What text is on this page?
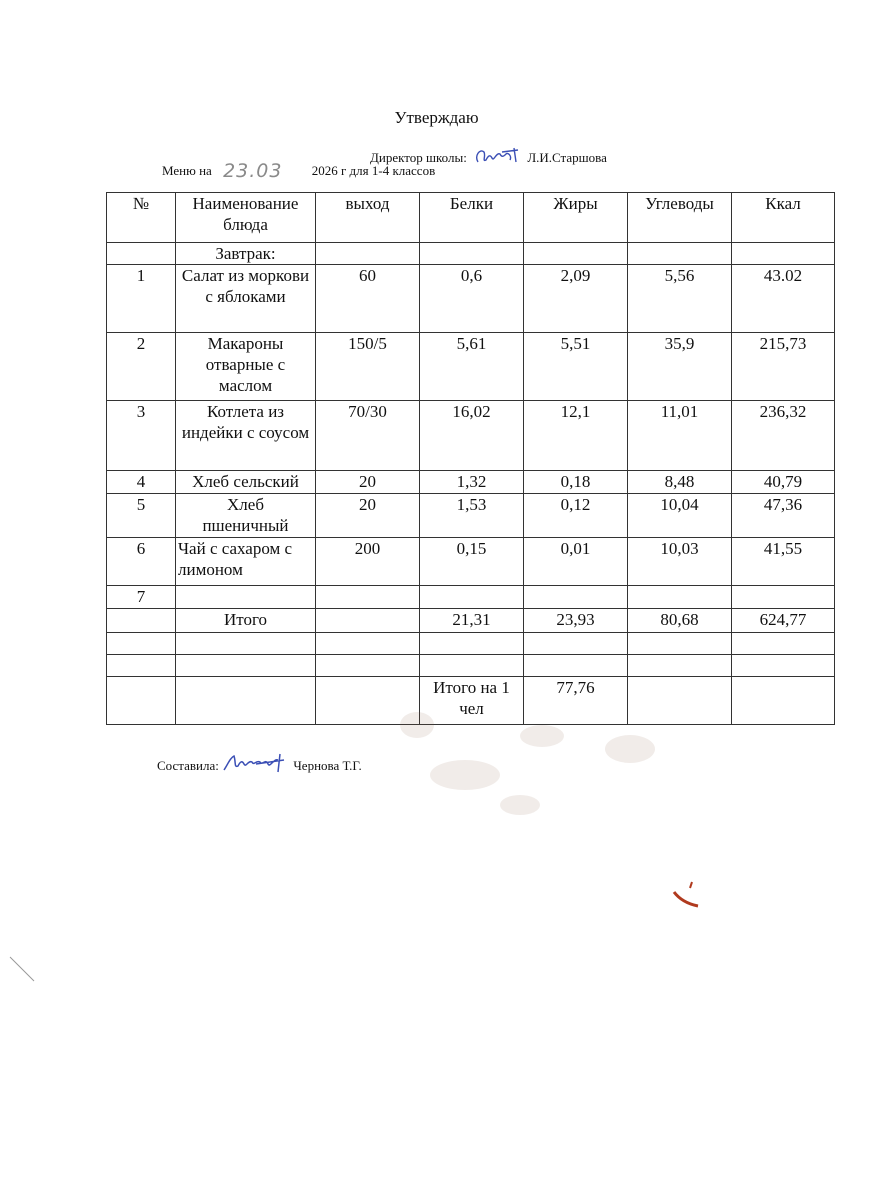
Утверждаю
Директор школы:	Л.И.Старшова
Меню на 23.03 2026 г для 1-4 классов
№	Наименование блюда	выход	Белки	Жиры	Углеводы	Ккал
	Завтрак:					
1	Салат из моркови с яблоками	60	0,6	2,09	5,56	43.02
2	Макароны отварные с маслом	150/5	5,61	5,51	35,9	215,73
3	Котлета из индейки с соусом	70/30	16,02	12,1	11,01	236,32
4	Хлеб сельский	20	1,32	0,18	8,48	40,79
5	Хлеб пшеничный	20	1,53	0,12	10,04	47,36
6	Чай с сахаром с лимоном	200	0,15	0,01	10,03	41,55
7						
	Итого		21,31	23,93	80,68	624,77

			Итого на 1 чел	77,76		
Составила:	Чернова Т.Г.
